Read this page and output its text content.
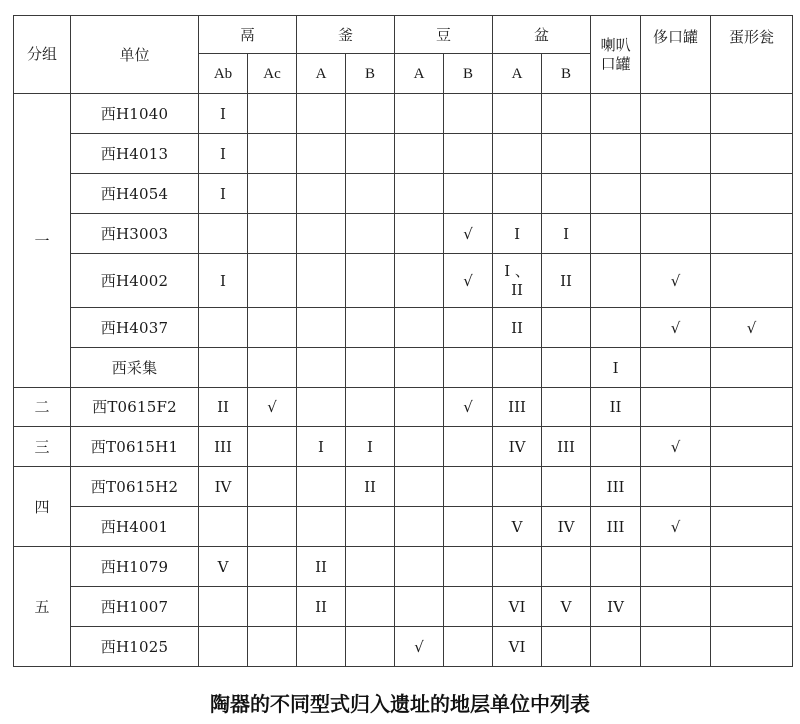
分组	单位	鬲		釜		豆		盆		喇叭口罐	侈口罐	蛋形瓮
		Ab	Ac	A	B	A	B	A	B			
一	西H1040	I										
	西H4013	I										
	西H4054	I										
	西H3003						√	I	I			
	西H4002	I					√	I 、 II	II		√	
	西H4037							II			√	√
	西采集									I		
二	西T0615F2	II	√				√	III		II		
三	西T0615H1	III		I	I			IV	III		√	
四	西T0615H2	IV			II					III		
	西H4001							V	IV	III	√	
五	西H1079	V		II								
	西H1007			II				VI	V	IV		
	西H1025					√		VI				
陶器的不同型式归入遗址的地层单位中列表
